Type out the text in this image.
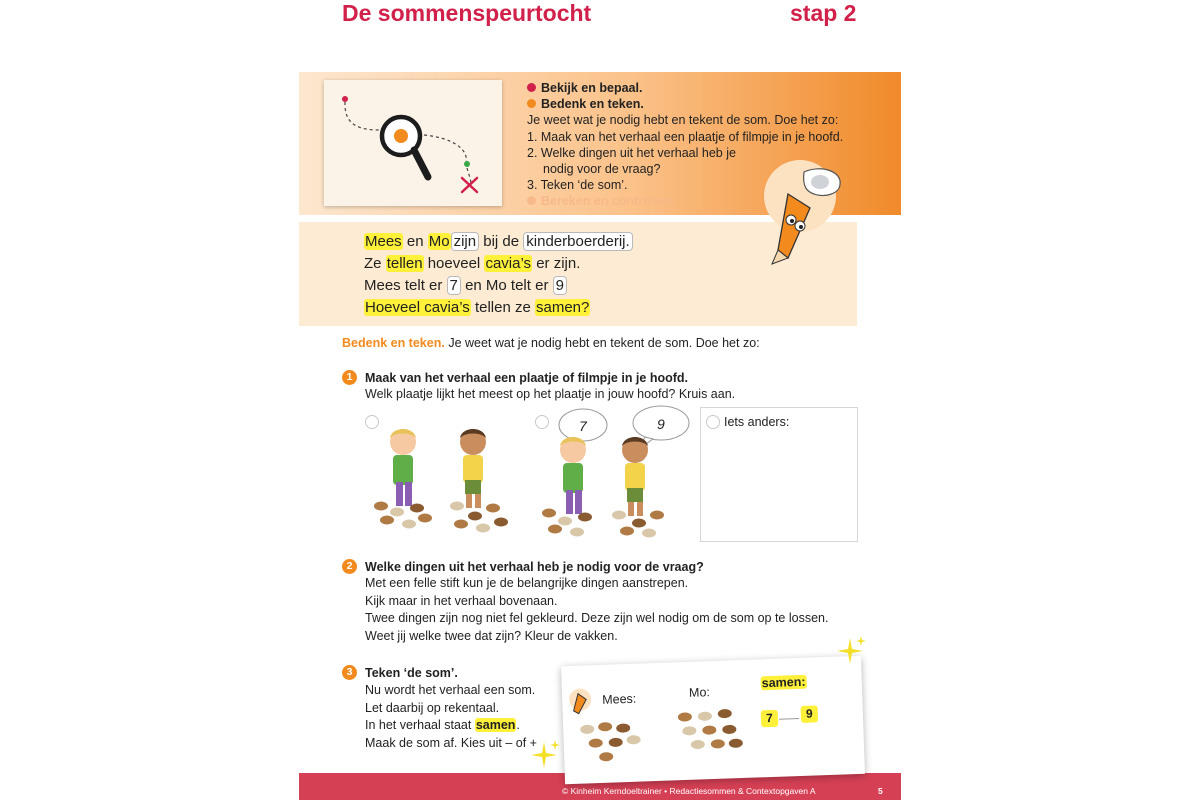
De sommenspeurtocht	stap 2
Bekijk en bepaal.
Bedenk en teken.
Je weet wat je nodig hebt en tekent de som. Doe het zo:
1. Maak van het verhaal een plaatje of filmpje in je hoofd.
2. Welke dingen uit het verhaal heb je
nodig voor de vraag?
3. Teken ‘de som’.
Bereken en controleer.
Mees en Mo zijn bij de kinderboerderij.
Ze tellen hoeveel cavia’s er zijn.
Mees telt er 7 en Mo telt er 9
Hoeveel cavia’s tellen ze samen?
Bedenk en teken. Je weet wat je nodig hebt en tekent de som. Doe het zo:
1	Maak van het verhaal een plaatje of filmpje in je hoofd.
Welk plaatje lijkt het meest op het plaatje in jouw hoofd? Kruis aan.
Iets anders:
7	9
2	Welke dingen uit het verhaal heb je nodig voor de vraag?
Met een felle stift kun je de belangrijke dingen aanstrepen.
Kijk maar in het verhaal bovenaan.
Twee dingen zijn nog niet fel gekleurd. Deze zijn wel nodig om de som op te lossen.
Weet jij welke twee dat zijn? Kleur de vakken.
3	Teken ‘de som’.
Nu wordt het verhaal een som.
Let daarbij op rekentaal.
In het verhaal staat samen.
Maak de som af. Kies uit – of +
© Kinheim Kerndoeltrainer • Redactiesommen & Contextopgaven A	5
Mees:	Mo:
samen:
7	9
